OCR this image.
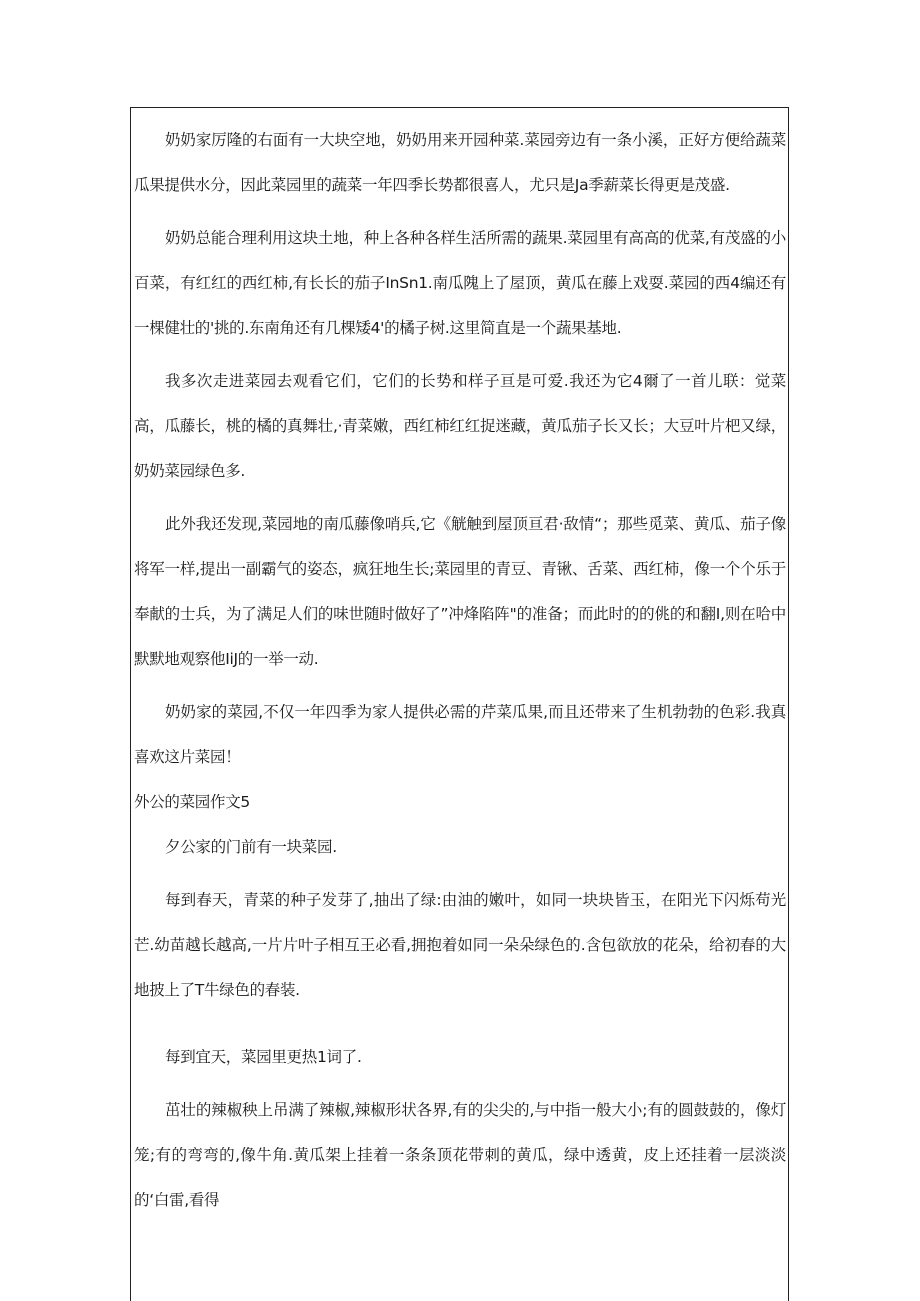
奶奶家厉隆的右面有一大块空地，奶奶用来开园种菜.菜园旁边有一条小溪，正好方便给蔬菜瓜果提供水分，因此菜园里的蔬菜一年四季长势都很喜人，尤只是Ja季薪菜长得更是茂盛.

奶奶总能合理利用这块土地，种上各种各样生活所需的蔬果.菜园里有高高的优菜,有茂盛的小百菜，有红红的西红柿,有长长的茄子InSn1.南瓜隗上了屋顶，黄瓜在藤上戏耍.菜园的西4编还有一棵健壮的'挑的.东南角还有几棵矮4'的橘子树.这里简直是一个蔬果基地.

我多次走进菜园去观看它们，它们的长势和样子亘是可爱.我还为它4爾了一首儿联：觉菜高，瓜藤长，桃的橘的真舞壮,·青菜嫩，西红柿红红捉迷藏，黄瓜茄子长又长；大豆叶片杷又绿，奶奶菜园绿色多.

此外我还发现,菜园地的南瓜藤像哨兵,它《觥触到屋顶亘君·敌情“；那些觅菜、黄瓜、茄子像将军一样,提出一副霸气的姿态，疯狂地生长;菜园里的青豆、青锹、舌菜、西红柿，像一个个乐于奉献的士兵，为了满足人们的味世随时做好了”冲烽陷阵"的准备；而此时的的佻的和翻I,则在哈中默默地观察他IiJ的一举一动.

奶奶家的菜园,不仅一年四季为家人提供必需的芹菜瓜果,而且还带来了生机勃勃的色彩.我真喜欢这片菜园！

外公的菜园作文5

夕公家的门前有一块菜园.

每到春天，青菜的种子发芽了,抽出了绿:由油的嫩叶，如同一块块皆玉，在阳光下闪烁苟光芒.幼苗越长越高,一片片叶子相互王必看,拥抱着如同一朵朵绿色的.含包欲放的花朵，给初春的大地披上了T牛绿色的春装.

每到宜天，菜园里更热1词了.

茁壮的辣椒秧上吊满了辣椒,辣椒形状各界,有的尖尖的,与中指一般大小;有的圆鼓鼓的，像灯笼;有的弯弯的,像牛角.黄瓜架上挂着一条条顶花带刺的黄瓜，绿中透黄，皮上还挂着一层淡淡的‘白雷,看得
